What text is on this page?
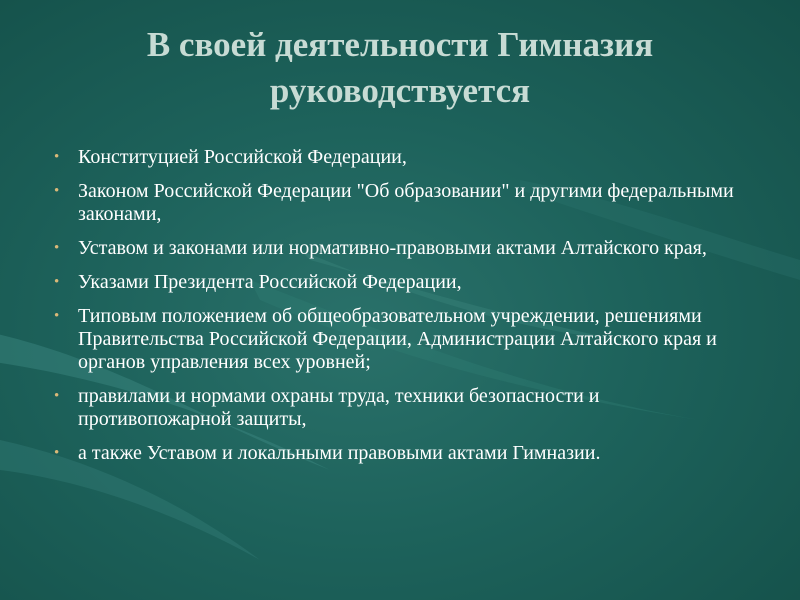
В своей деятельности Гимназия руководствуется
• Конституцией Российской Федерации,
• Законом Российской Федерации "Об образовании" и другими федеральными законами,
• Уставом и законами или нормативно-правовыми актами Алтайского края,
• Указами Президента Российской Федерации,
• Типовым положением об общеобразовательном учреждении, решениями Правительства Российской Федерации, Администрации Алтайского края и органов управления всех уровней;
• правилами и нормами охраны труда, техники безопасности и противопожарной защиты,
• а также Уставом и локальными правовыми актами Гимназии.
